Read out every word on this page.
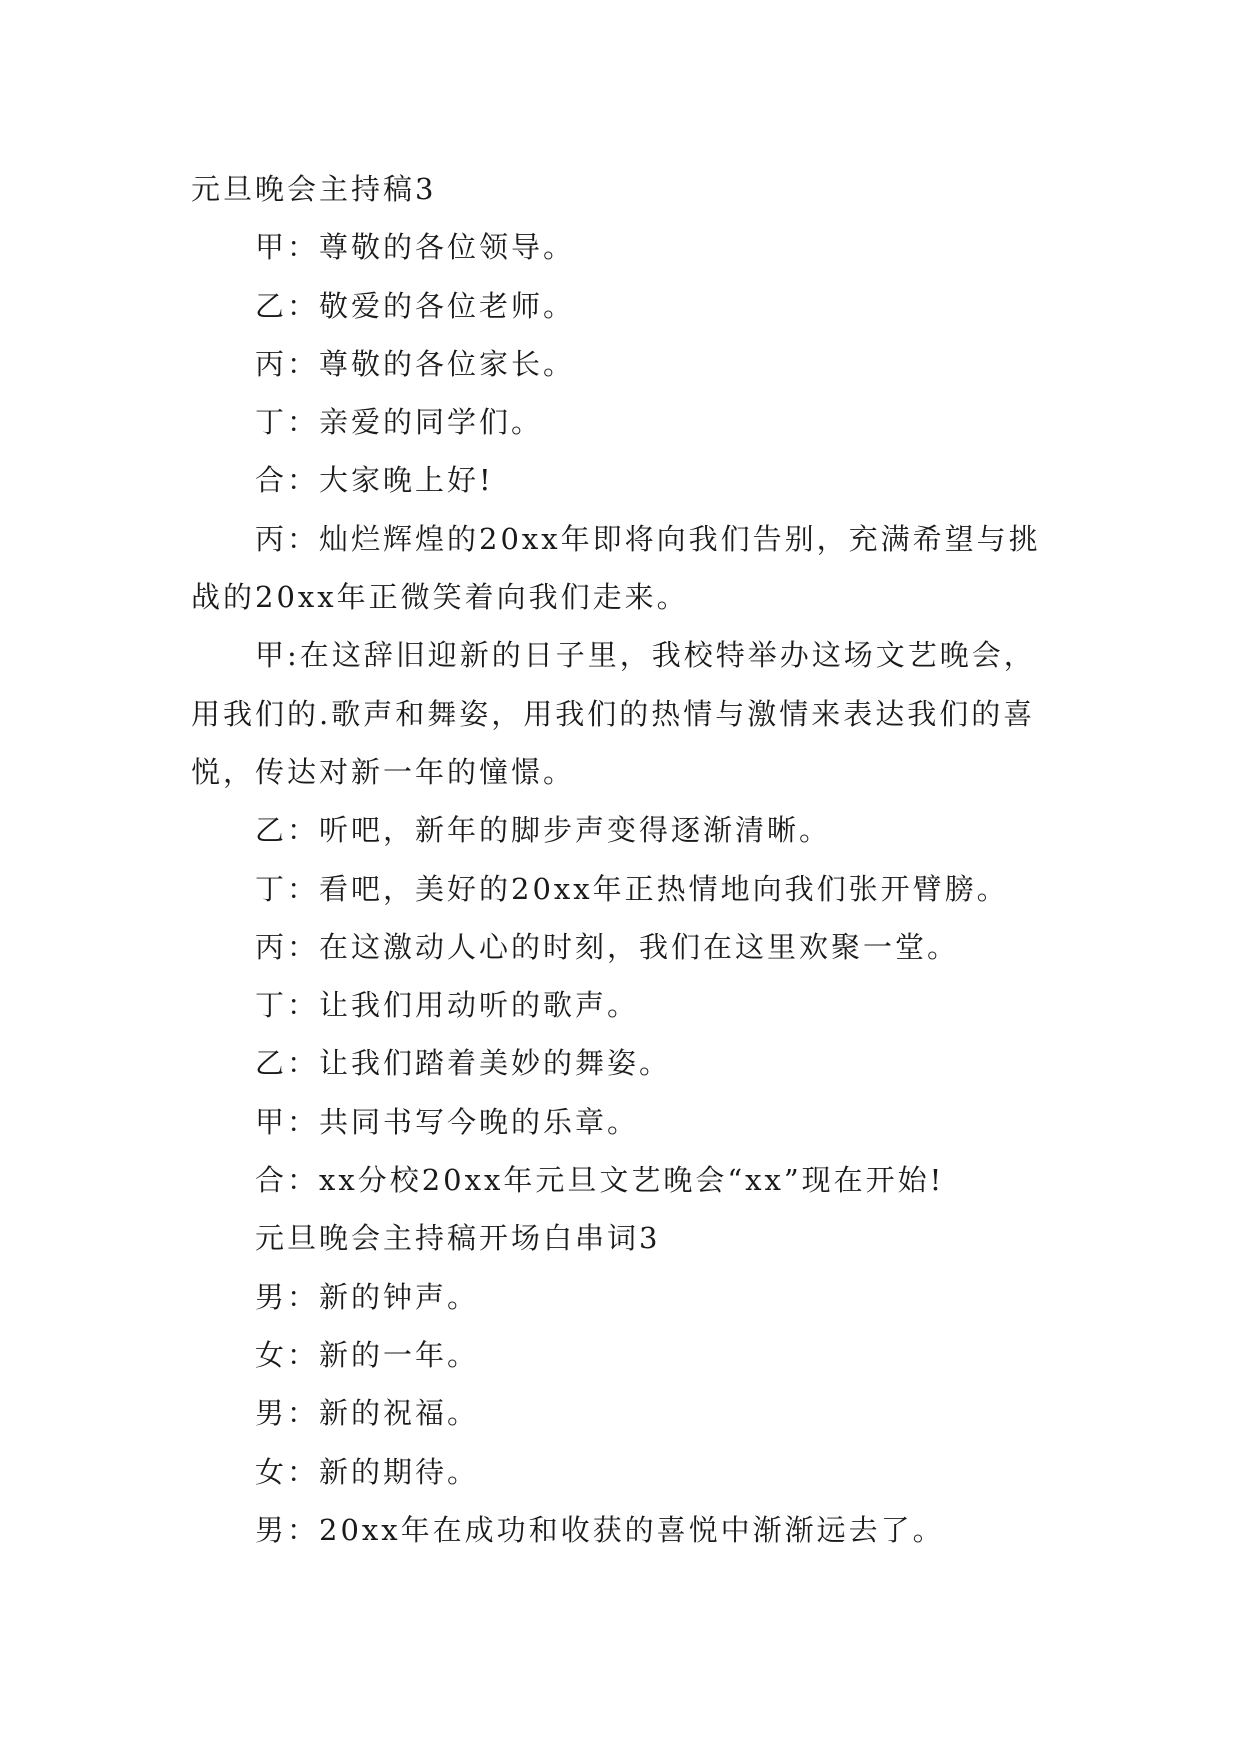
元旦晚会主持稿3

甲：尊敬的各位领导。

乙：敬爱的各位老师。

丙：尊敬的各位家长。

丁：亲爱的同学们。

合：大家晚上好!

丙：灿烂辉煌的20xx年即将向我们告别，充满希望与挑战的20xx年正微笑着向我们走来。

甲:在这辞旧迎新的日子里，我校特举办这场文艺晚会，用我们的.歌声和舞姿，用我们的热情与激情来表达我们的喜悦，传达对新一年的憧憬。

乙：听吧，新年的脚步声变得逐渐清晰。

丁：看吧，美好的20xx年正热情地向我们张开臂膀。

丙：在这激动人心的时刻，我们在这里欢聚一堂。

丁：让我们用动听的歌声。

乙：让我们踏着美妙的舞姿。

甲：共同书写今晚的乐章。

合：xx分校20xx年元旦文艺晚会“xx”现在开始!

元旦晚会主持稿开场白串词3

男：新的钟声。

女：新的一年。

男：新的祝福。

女：新的期待。

男：20xx年在成功和收获的喜悦中渐渐远去了。
